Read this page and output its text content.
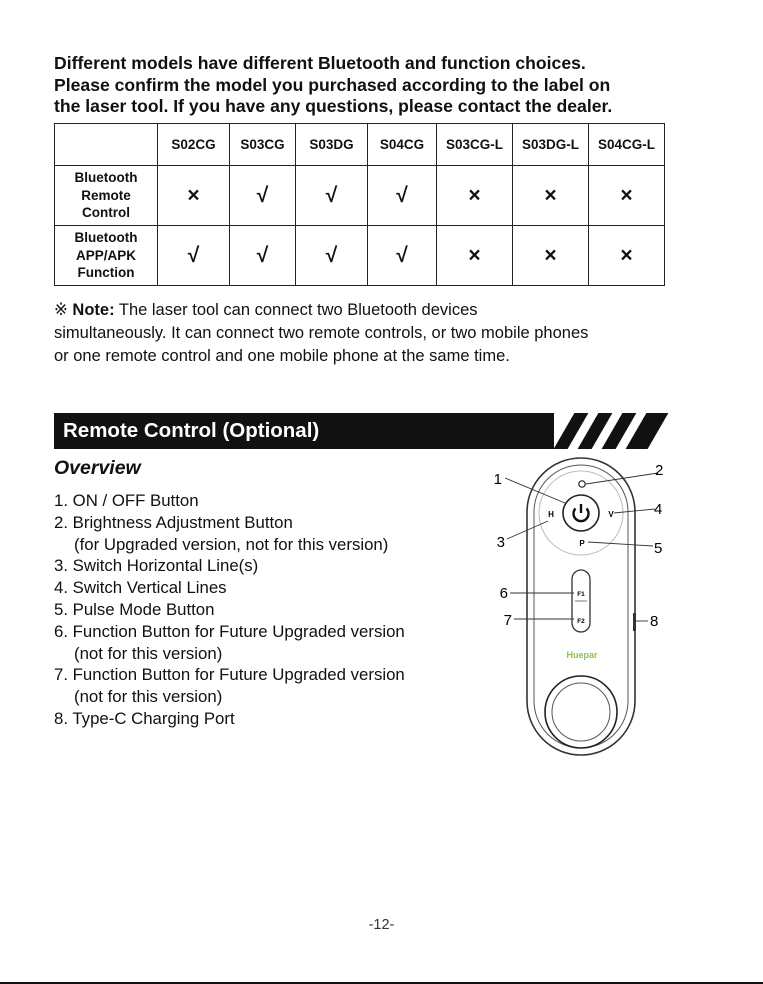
Different models have different Bluetooth and function choices.
Please confirm the model you purchased according to the label on
the laser tool. If you have any questions, please contact the dealer.
	S02CG	S03CG	S03DG	S04CG	S03CG-L	S03DG-L	S04CG-L

Bluetooth
Remote
Control	×	√	√	√	×	×	×

Bluetooth
APP/APK
Function	√	√	√	√	×	×	×
※ Note: The laser tool can connect two Bluetooth devices
simultaneously. It can connect two remote controls, or two mobile phones
or one remote control and one mobile phone at the same time.
Remote Control (Optional)
Overview
1. ON / OFF Button
2. Brightness Adjustment Button
(for Upgraded version, not for this version)
3. Switch Horizontal Line(s)
4. Switch Vertical Lines
5. Pulse Mode Button
6. Function Button for Future Upgraded version
(not for this version)
7. Function Button for Future Upgraded version
(not for this version)
8. Type-C Charging Port
H	V
P
F1
F2
Huepar
1
2
3
4
5
6
7	8
-12-
